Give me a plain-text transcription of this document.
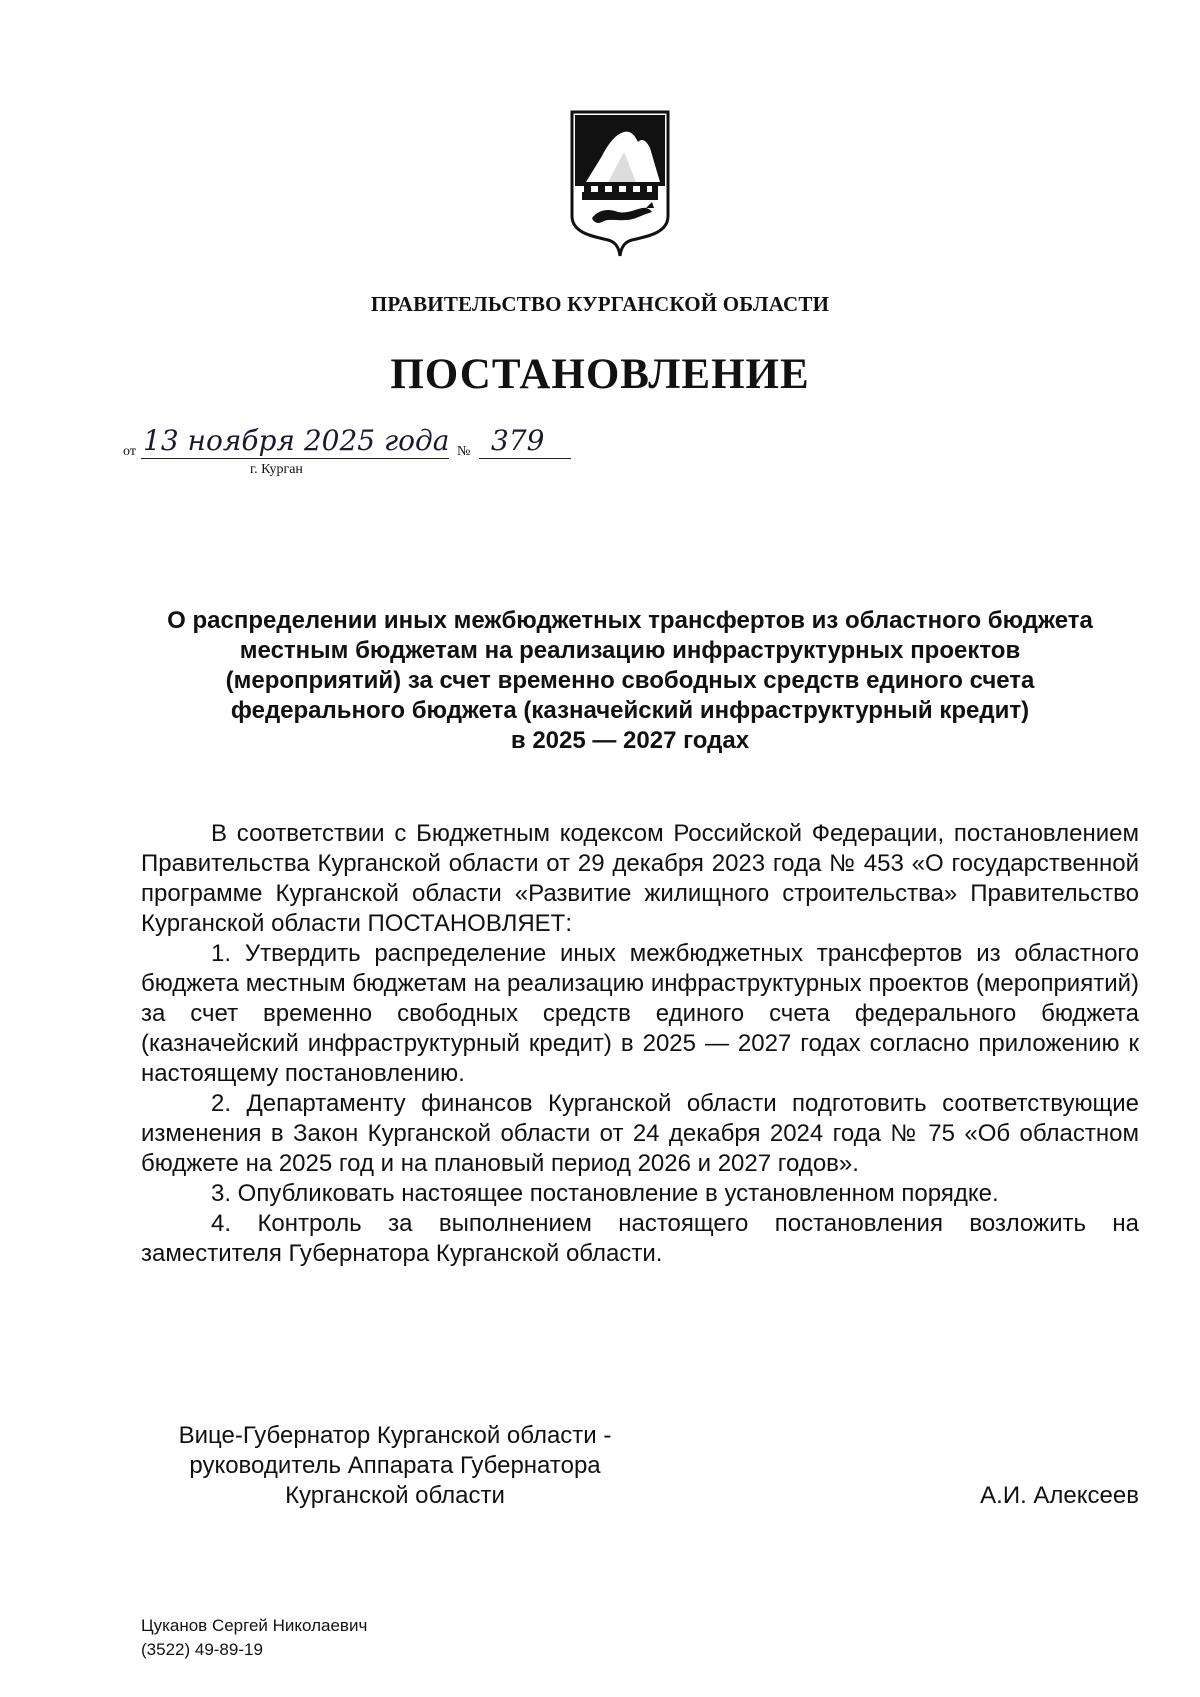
ПРАВИТЕЛЬСТВО КУРГАНСКОЙ ОБЛАСТИ
ПОСТАНОВЛЕНИЕ
от 13 ноября 2025 года № 379
г. Курган
О распределении иных межбюджетных трансфертов из областного бюджета
местным бюджетам на реализацию инфраструктурных проектов
(мероприятий) за счет временно свободных средств единого счета
федерального бюджета (казначейский инфраструктурный кредит)
в 2025 — 2027 годах

В соответствии с Бюджетным кодексом Российской Федерации, постановлением Правительства Курганской области от 29 декабря 2023 года № 453 «О государственной программе Курганской области «Развитие жилищного строительства» Правительство Курганской области ПОСТАНОВЛЯЕТ:

1. Утвердить распределение иных межбюджетных трансфертов из областного бюджета местным бюджетам на реализацию инфраструктурных проектов (мероприятий) за счет временно свободных средств единого счета федерального бюджета (казначейский инфраструктурный кредит) в 2025 — 2027 годах согласно приложению к настоящему постановлению.

2. Департаменту финансов Курганской области подготовить соответствующие изменения в Закон Курганской области от 24 декабря 2024 года № 75 «Об областном бюджете на 2025 год и на плановый период 2026 и 2027 годов».

3. Опубликовать настоящее постановление в установленном порядке.

4. Контроль за выполнением настоящего постановления возложить на заместителя Губернатора Курганской области.

Вице-Губернатор Курганской области -
руководитель Аппарата Губернатора
Курганской области	А.И. Алексеев
Цуканов Сергей Николаевич
(3522) 49-89-19
